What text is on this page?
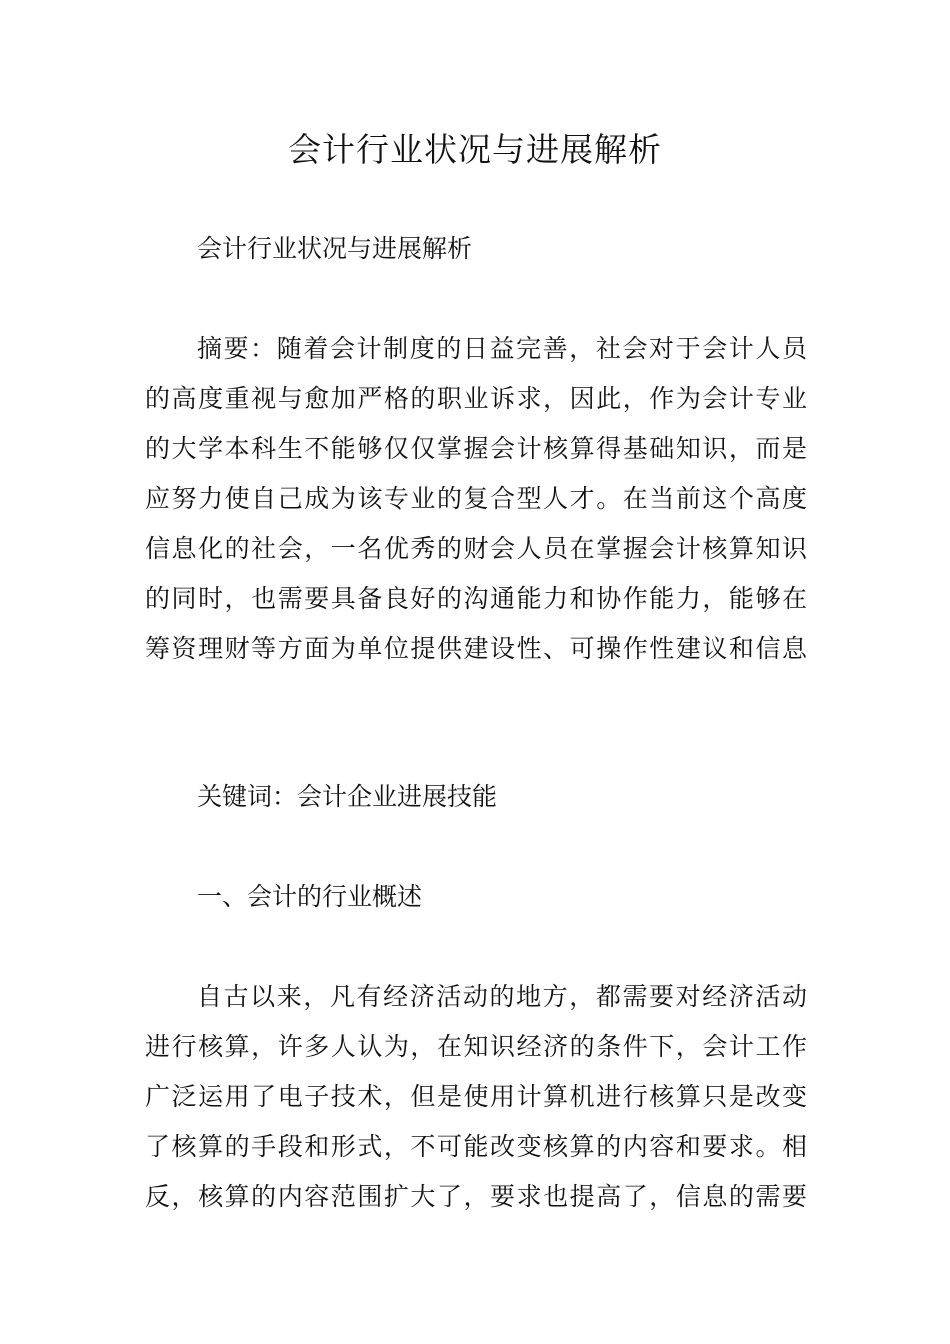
会计行业状况与进展解析
会计行业状况与进展解析
摘要：随着会计制度的日益完善，社会对于会计人员
的高度重视与愈加严格的职业诉求，因此，作为会计专业
的大学本科生不能够仅仅掌握会计核算得基础知识，而是
应努力使自己成为该专业的复合型人才。在当前这个高度
信息化的社会，一名优秀的财会人员在掌握会计核算知识
的同时，也需要具备良好的沟通能力和协作能力，能够在
筹资理财等方面为单位提供建设性、可操作性建议和信息
关键词：会计企业进展技能
一、会计的行业概述
自古以来，凡有经济活动的地方，都需要对经济活动
进行核算，许多人认为，在知识经济的条件下，会计工作
广泛运用了电子技术，但是使用计算机进行核算只是改变
了核算的手段和形式，不可能改变核算的内容和要求。相
反，核算的内容范围扩大了，要求也提高了，信息的需要
